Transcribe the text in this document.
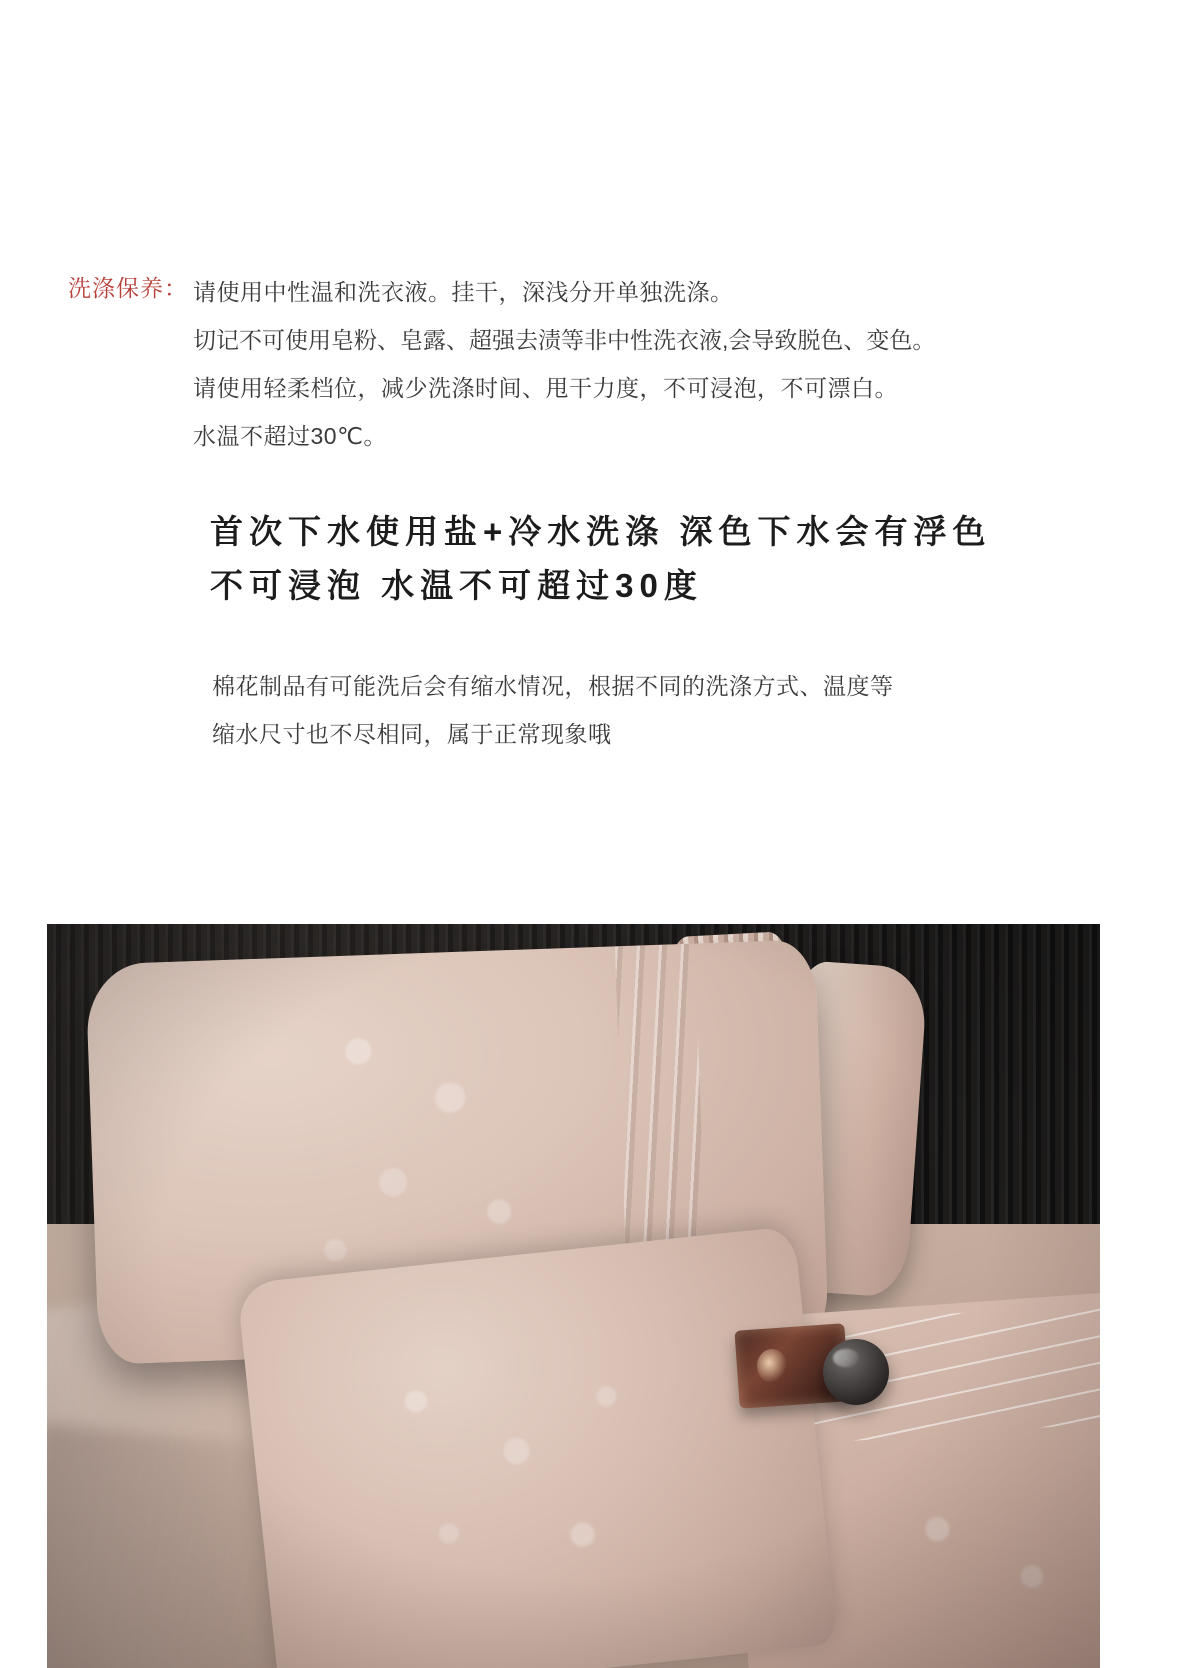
洗涤保养 ： 请使用中性温和洗衣液。挂干，深浅分开单独洗涤。
切记不可使用皂粉、皂露、超强去渍等非中性洗衣液,会导致脱色、变色。
请使用轻柔档位，减少洗涤时间、甩干力度，不可浸泡，不可漂白。
水温不超过30℃。
首次下水使用盐+冷水洗涤 深色下水会有浮色
不可浸泡 水温不可超过30度
棉花制品有可能洗后会有缩水情况，根据不同的洗涤方式、温度等
缩水尺寸也不尽相同，属于正常现象哦
